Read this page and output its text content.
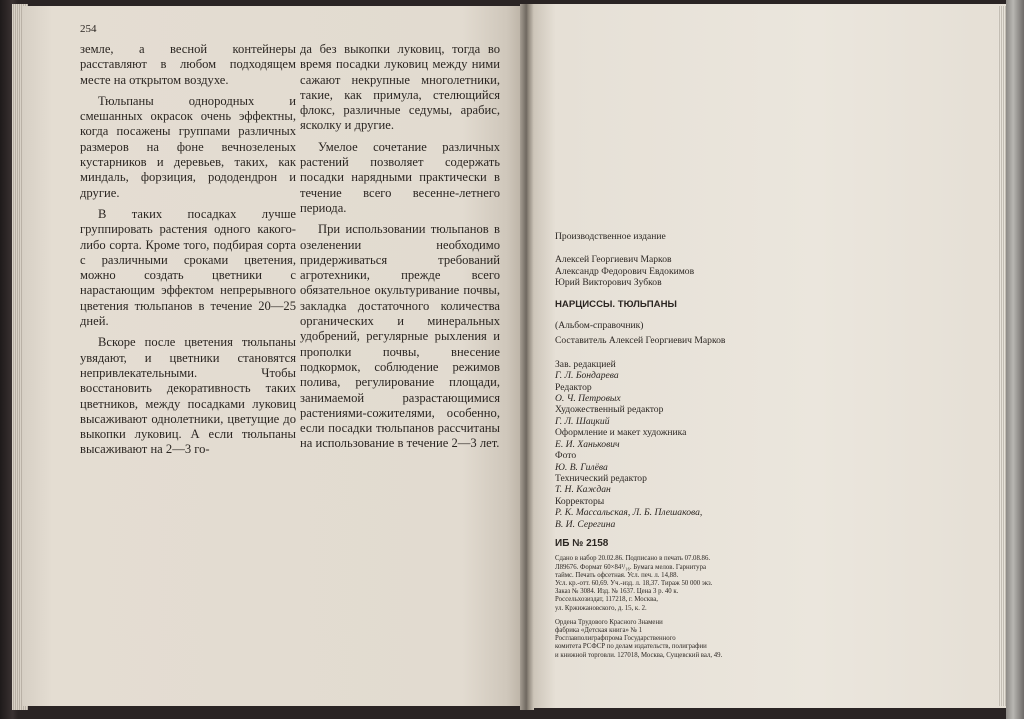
254

земле, а весной контейнеры расставляют в любом подходящем месте на открытом воздухе.

Тюльпаны однородных и смешанных окрасок очень эффектны, когда посажены группами различных размеров на фоне вечнозеленых кустарников и деревьев, таких, как миндаль, форзиция, рододендрон и другие.

В таких посадках лучше группировать растения одного какого-либо сорта. Кроме того, подбирая сорта с различными сроками цветения, можно создать цветники с нарастающим эффектом непрерывного цветения тюльпанов в течение 20—25 дней.

Вскоре после цветения тюльпаны увядают, и цветники становятся непривлекательными. Чтобы восстановить декоративность таких цветников, между посадками луковиц высаживают однолетники, цветущие до выкопки луковиц. А если тюльпаны высаживают на 2—3 го-

да без выкопки луковиц, тогда во время посадки луковиц между ними сажают некрупные многолетники, такие, как примула, стелющийся флокс, различные седумы, арабис, ясколку и другие.

Умелое сочетание различных растений позволяет содержать посадки нарядными практически в течение всего весенне-летнего периода.

При использовании тюльпанов в озеленении необходимо придерживаться требований агротехники, прежде всего обязательное окультуривание почвы, закладка достаточного количества органических и минеральных удобрений, регулярные рыхления и прополки почвы, внесение подкормок, соблюдение режимов полива, регулирование площади, занимаемой разрастающимися растениями-сожителями, особенно, если посадки тюльпанов рассчитаны на использование в течение 2—3 лет.

Производственное издание
Алексей Георгиевич Марков
Александр Федорович Евдокимов
Юрий Викторович Зубков
НАРЦИССЫ. ТЮЛЬПАНЫ
(Альбом-справочник)
Составитель Алексей Георгиевич Марков
Зав. редакцией
Г. Л. Бондарева
Редактор
О. Ч. Петровых
Художественный редактор
Г. Л. Шацкий
Оформление и макет художника
Е. И. Ханькович
Фото
Ю. В. Гилёва
Технический редактор
Т. Н. Каждан
Корректоры
Р. К. Массальская, Л. Б. Плешакова,
В. И. Серегина
ИБ № 2158
Сдано в набор 20.02.86. Подписано в печать 07.08.86.
Л89676. Формат 60×84¹/₁₆. Бумага мелов. Гарнитура
таймс. Печать офсетная. Усл. печ. л. 14,88.
Усл. кр.-отт. 60,69. Уч.-изд. л. 18,37. Тираж 50 000 экз.
Заказ № 3084. Изд. № 1637. Цена 3 р. 40 к.
Россельхозиздат, 117218, г. Москва,
ул. Кржижановского, д. 15, к. 2.
Ордена Трудового Красного Знамени
фабрика «Детская книга» № 1
Росглавполиграфпрома Государственного
комитета РСФСР по делам издательств, полиграфии
и книжной торговли. 127018, Москва, Сущевский вал, 49.
